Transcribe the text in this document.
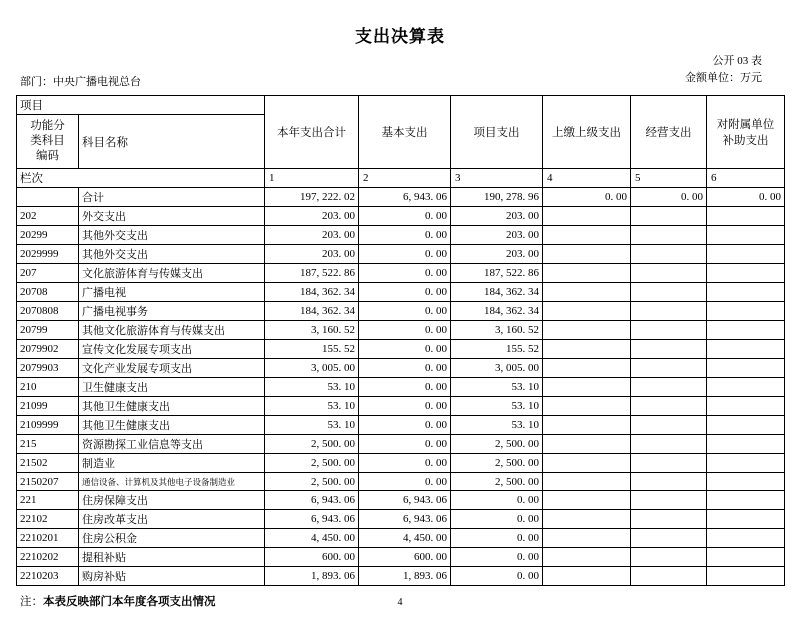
支出决算表
公开 03 表
金额单位：万元
部门： 中央广播电视总台
项目		本年支出合计	基本支出	项目支出	上缴上级支出	经营支出	对附属单位
补助支出

功能分
类科目
编码	科目名称						
栏次		1	2	3	4	5	6
	合计	197, 222. 02	6, 943. 06	190, 278. 96	0. 00	0. 00	0. 00
202	外交支出	203. 00	0. 00	203. 00			
20299	其他外交支出	203. 00	0. 00	203. 00			
2029999	其他外交支出	203. 00	0. 00	203. 00			
207	文化旅游体育与传媒支出	187, 522. 86	0. 00	187, 522. 86			
20708	广播电视	184, 362. 34	0. 00	184, 362. 34			
2070808	广播电视事务	184, 362. 34	0. 00	184, 362. 34			
20799	其他文化旅游体育与传媒支出	3, 160. 52	0. 00	3, 160. 52			
2079902	宣传文化发展专项支出	155. 52	0. 00	155. 52			
2079903	文化产业发展专项支出	3, 005. 00	0. 00	3, 005. 00			
210	卫生健康支出	53. 10	0. 00	53. 10			
21099	其他卫生健康支出	53. 10	0. 00	53. 10			
2109999	其他卫生健康支出	53. 10	0. 00	53. 10			
215	资源勘探工业信息等支出	2, 500. 00	0. 00	2, 500. 00			
21502	制造业	2, 500. 00	0. 00	2, 500. 00			
2150207	通信设备、计算机及其他电子设备制造业	2, 500. 00	0. 00	2, 500. 00			
221	住房保障支出	6, 943. 06	6, 943. 06	0. 00			
22102	住房改革支出	6, 943. 06	6, 943. 06	0. 00			
2210201	住房公积金	4, 450. 00	4, 450. 00	0. 00			
2210202	提租补贴	600. 00	600. 00	0. 00			
2210203	购房补贴	1, 893. 06	1, 893. 06	0. 00			
注：本表反映部门本年度各项支出情况	4
